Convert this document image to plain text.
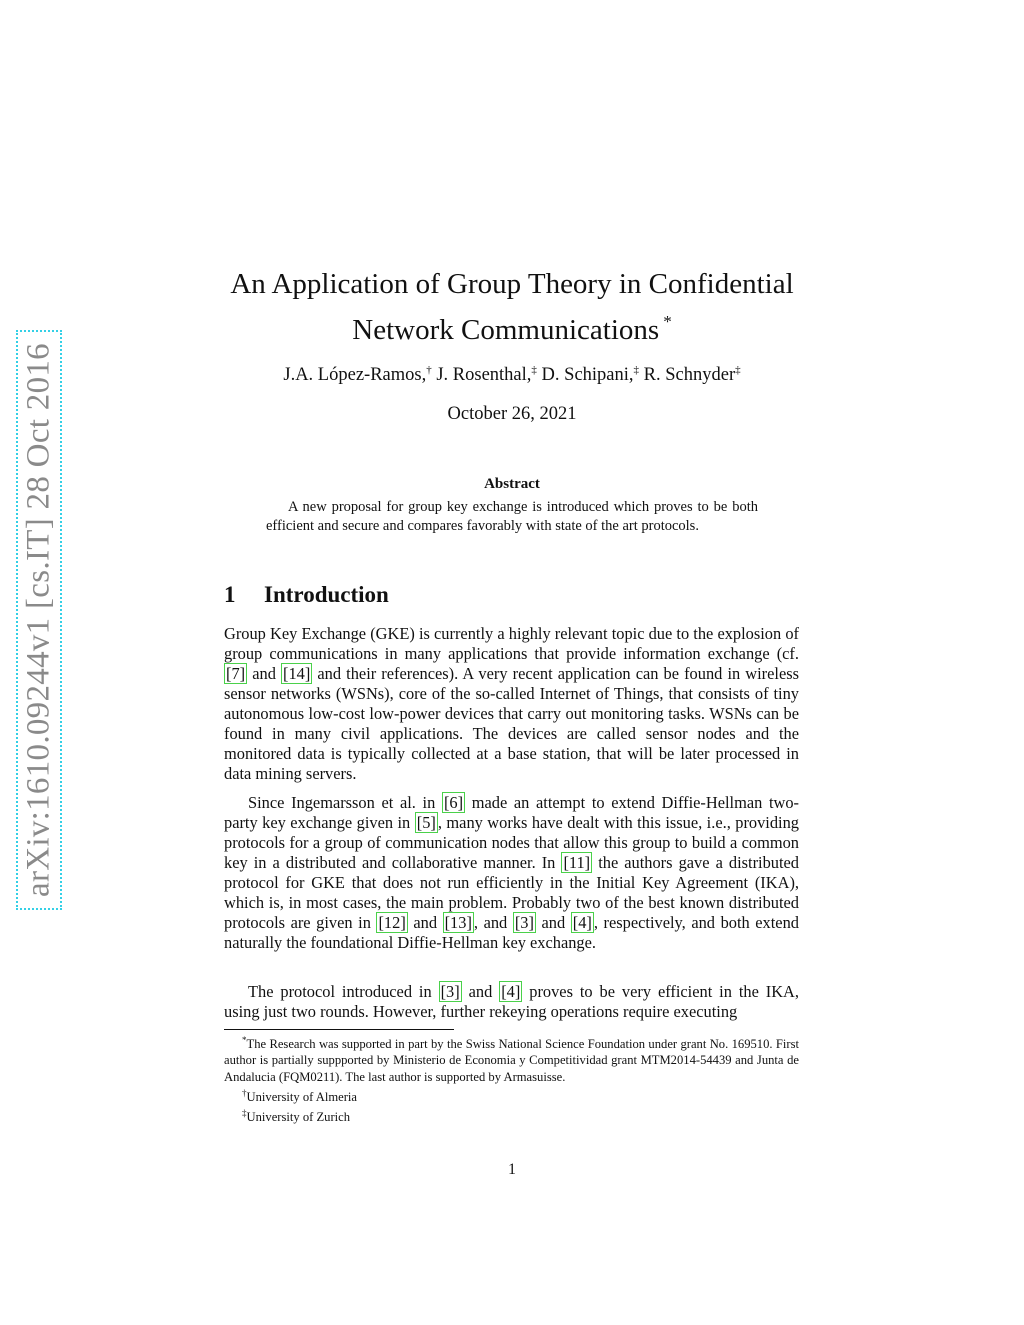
arXiv:1610.09244v1 [cs.IT] 28 Oct 2016
An Application of Group Theory in Confidential
Network Communications *
J.A. López-Ramos,† J. Rosenthal,‡ D. Schipani,‡ R. Schnyder‡
October 26, 2021
Abstract
A new proposal for group key exchange is introduced which proves to be both efficient and secure and compares favorably with state of the art protocols.
1 Introduction
Group Key Exchange (GKE) is currently a highly relevant topic due to the explosion of group communications in many applications that provide information exchange (cf. [7] and [14] and their references). A very recent application can be found in wireless sensor networks (WSNs), core of the so-called Internet of Things, that consists of tiny autonomous low-cost low-power devices that carry out monitoring tasks. WSNs can be found in many civil applications. The devices are called sensor nodes and the monitored data is typically collected at a base station, that will be later processed in data mining servers.
Since Ingemarsson et al. in [6] made an attempt to extend Diffie-Hellman two-party key exchange given in [5] , many works have dealt with this issue, i.e., providing protocols for a group of communication nodes that allow this group to build a common key in a distributed and collaborative manner. In [11] the authors gave a distributed protocol for GKE that does not run efficiently in the Initial Key Agreement (IKA), which is, in most cases, the main problem. Probably two of the best known distributed protocols are given in [12] and [13] , and [3] and [4] , respectively, and both extend naturally the foundational Diffie-Hellman key exchange.
The protocol introduced in [3] and [4] proves to be very efficient in the IKA, using just two rounds. However, further rekeying operations require executing
*The Research was supported in part by the Swiss National Science Foundation under grant No. 169510. First author is partially suppported by Ministerio de Economia y Competitividad grant MTM2014-54439 and Junta de Andalucia (FQM0211). The last author is supported by Armasuisse.
†University of Almeria
‡University of Zurich
1
